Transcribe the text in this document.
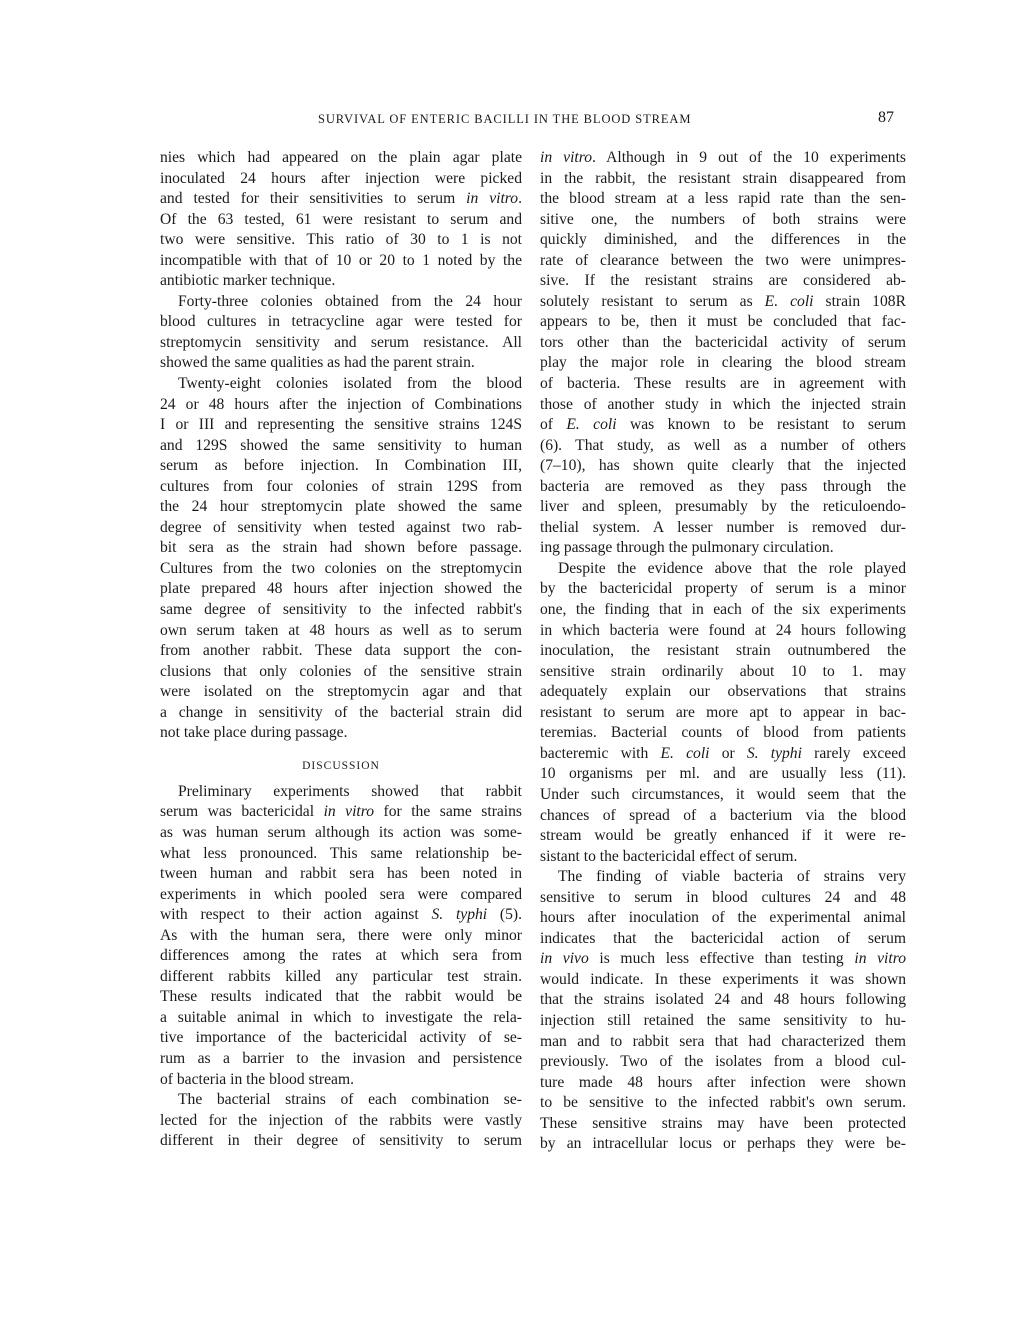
SURVIVAL OF ENTERIC BACILLI IN THE BLOOD STREAM	87
nies which had appeared on the plain agar plate
inoculated 24 hours after injection were picked
and tested for their sensitivities to serum in vitro.
Of the 63 tested, 61 were resistant to serum and
two were sensitive. This ratio of 30 to 1 is not
incompatible with that of 10 or 20 to 1 noted by the
antibiotic marker technique.
Forty-three colonies obtained from the 24 hour
blood cultures in tetracycline agar were tested for
streptomycin sensitivity and serum resistance. All
showed the same qualities as had the parent strain.
Twenty-eight colonies isolated from the blood
24 or 48 hours after the injection of Combinations
I or III and representing the sensitive strains 124S
and 129S showed the same sensitivity to human
serum as before injection. In Combination III,
cultures from four colonies of strain 129S from
the 24 hour streptomycin plate showed the same
degree of sensitivity when tested against two rab-
bit sera as the strain had shown before passage.
Cultures from the two colonies on the streptomycin
plate prepared 48 hours after injection showed the
same degree of sensitivity to the infected rabbit's
own serum taken at 48 hours as well as to serum
from another rabbit. These data support the con-
clusions that only colonies of the sensitive strain
were isolated on the streptomycin agar and that
a change in sensitivity of the bacterial strain did
not take place during passage.
DISCUSSION
Preliminary experiments showed that rabbit
serum was bactericidal in vitro for the same strains
as was human serum although its action was some-
what less pronounced. This same relationship be-
tween human and rabbit sera has been noted in
experiments in which pooled sera were compared
with respect to their action against S. typhi (5).
As with the human sera, there were only minor
differences among the rates at which sera from
different rabbits killed any particular test strain.
These results indicated that the rabbit would be
a suitable animal in which to investigate the rela-
tive importance of the bactericidal activity of se-
rum as a barrier to the invasion and persistence
of bacteria in the blood stream.
The bacterial strains of each combination se-
lected for the injection of the rabbits were vastly
different in their degree of sensitivity to serum
in vitro. Although in 9 out of the 10 experiments
in the rabbit, the resistant strain disappeared from
the blood stream at a less rapid rate than the sen-
sitive one, the numbers of both strains were
quickly diminished, and the differences in the
rate of clearance between the two were unimpres-
sive. If the resistant strains are considered ab-
solutely resistant to serum as E. coli strain 108R
appears to be, then it must be concluded that fac-
tors other than the bactericidal activity of serum
play the major role in clearing the blood stream
of bacteria. These results are in agreement with
those of another study in which the injected strain
of E. coli was known to be resistant to serum
(6). That study, as well as a number of others
(7–10), has shown quite clearly that the injected
bacteria are removed as they pass through the
liver and spleen, presumably by the reticuloendo-
thelial system. A lesser number is removed dur-
ing passage through the pulmonary circulation.
Despite the evidence above that the role played
by the bactericidal property of serum is a minor
one, the finding that in each of the six experiments
in which bacteria were found at 24 hours following
inoculation, the resistant strain outnumbered the
sensitive strain ordinarily about 10 to 1. may
adequately explain our observations that strains
resistant to serum are more apt to appear in bac-
teremias. Bacterial counts of blood from patients
bacteremic with E. coli or S. typhi rarely exceed
10 organisms per ml. and are usually less (11).
Under such circumstances, it would seem that the
chances of spread of a bacterium via the blood
stream would be greatly enhanced if it were re-
sistant to the bactericidal effect of serum.
The finding of viable bacteria of strains very
sensitive to serum in blood cultures 24 and 48
hours after inoculation of the experimental animal
indicates that the bactericidal action of serum
in vivo is much less effective than testing in vitro
would indicate. In these experiments it was shown
that the strains isolated 24 and 48 hours following
injection still retained the same sensitivity to hu-
man and to rabbit sera that had characterized them
previously. Two of the isolates from a blood cul-
ture made 48 hours after infection were shown
to be sensitive to the infected rabbit's own serum.
These sensitive strains may have been protected
by an intracellular locus or perhaps they were be-
